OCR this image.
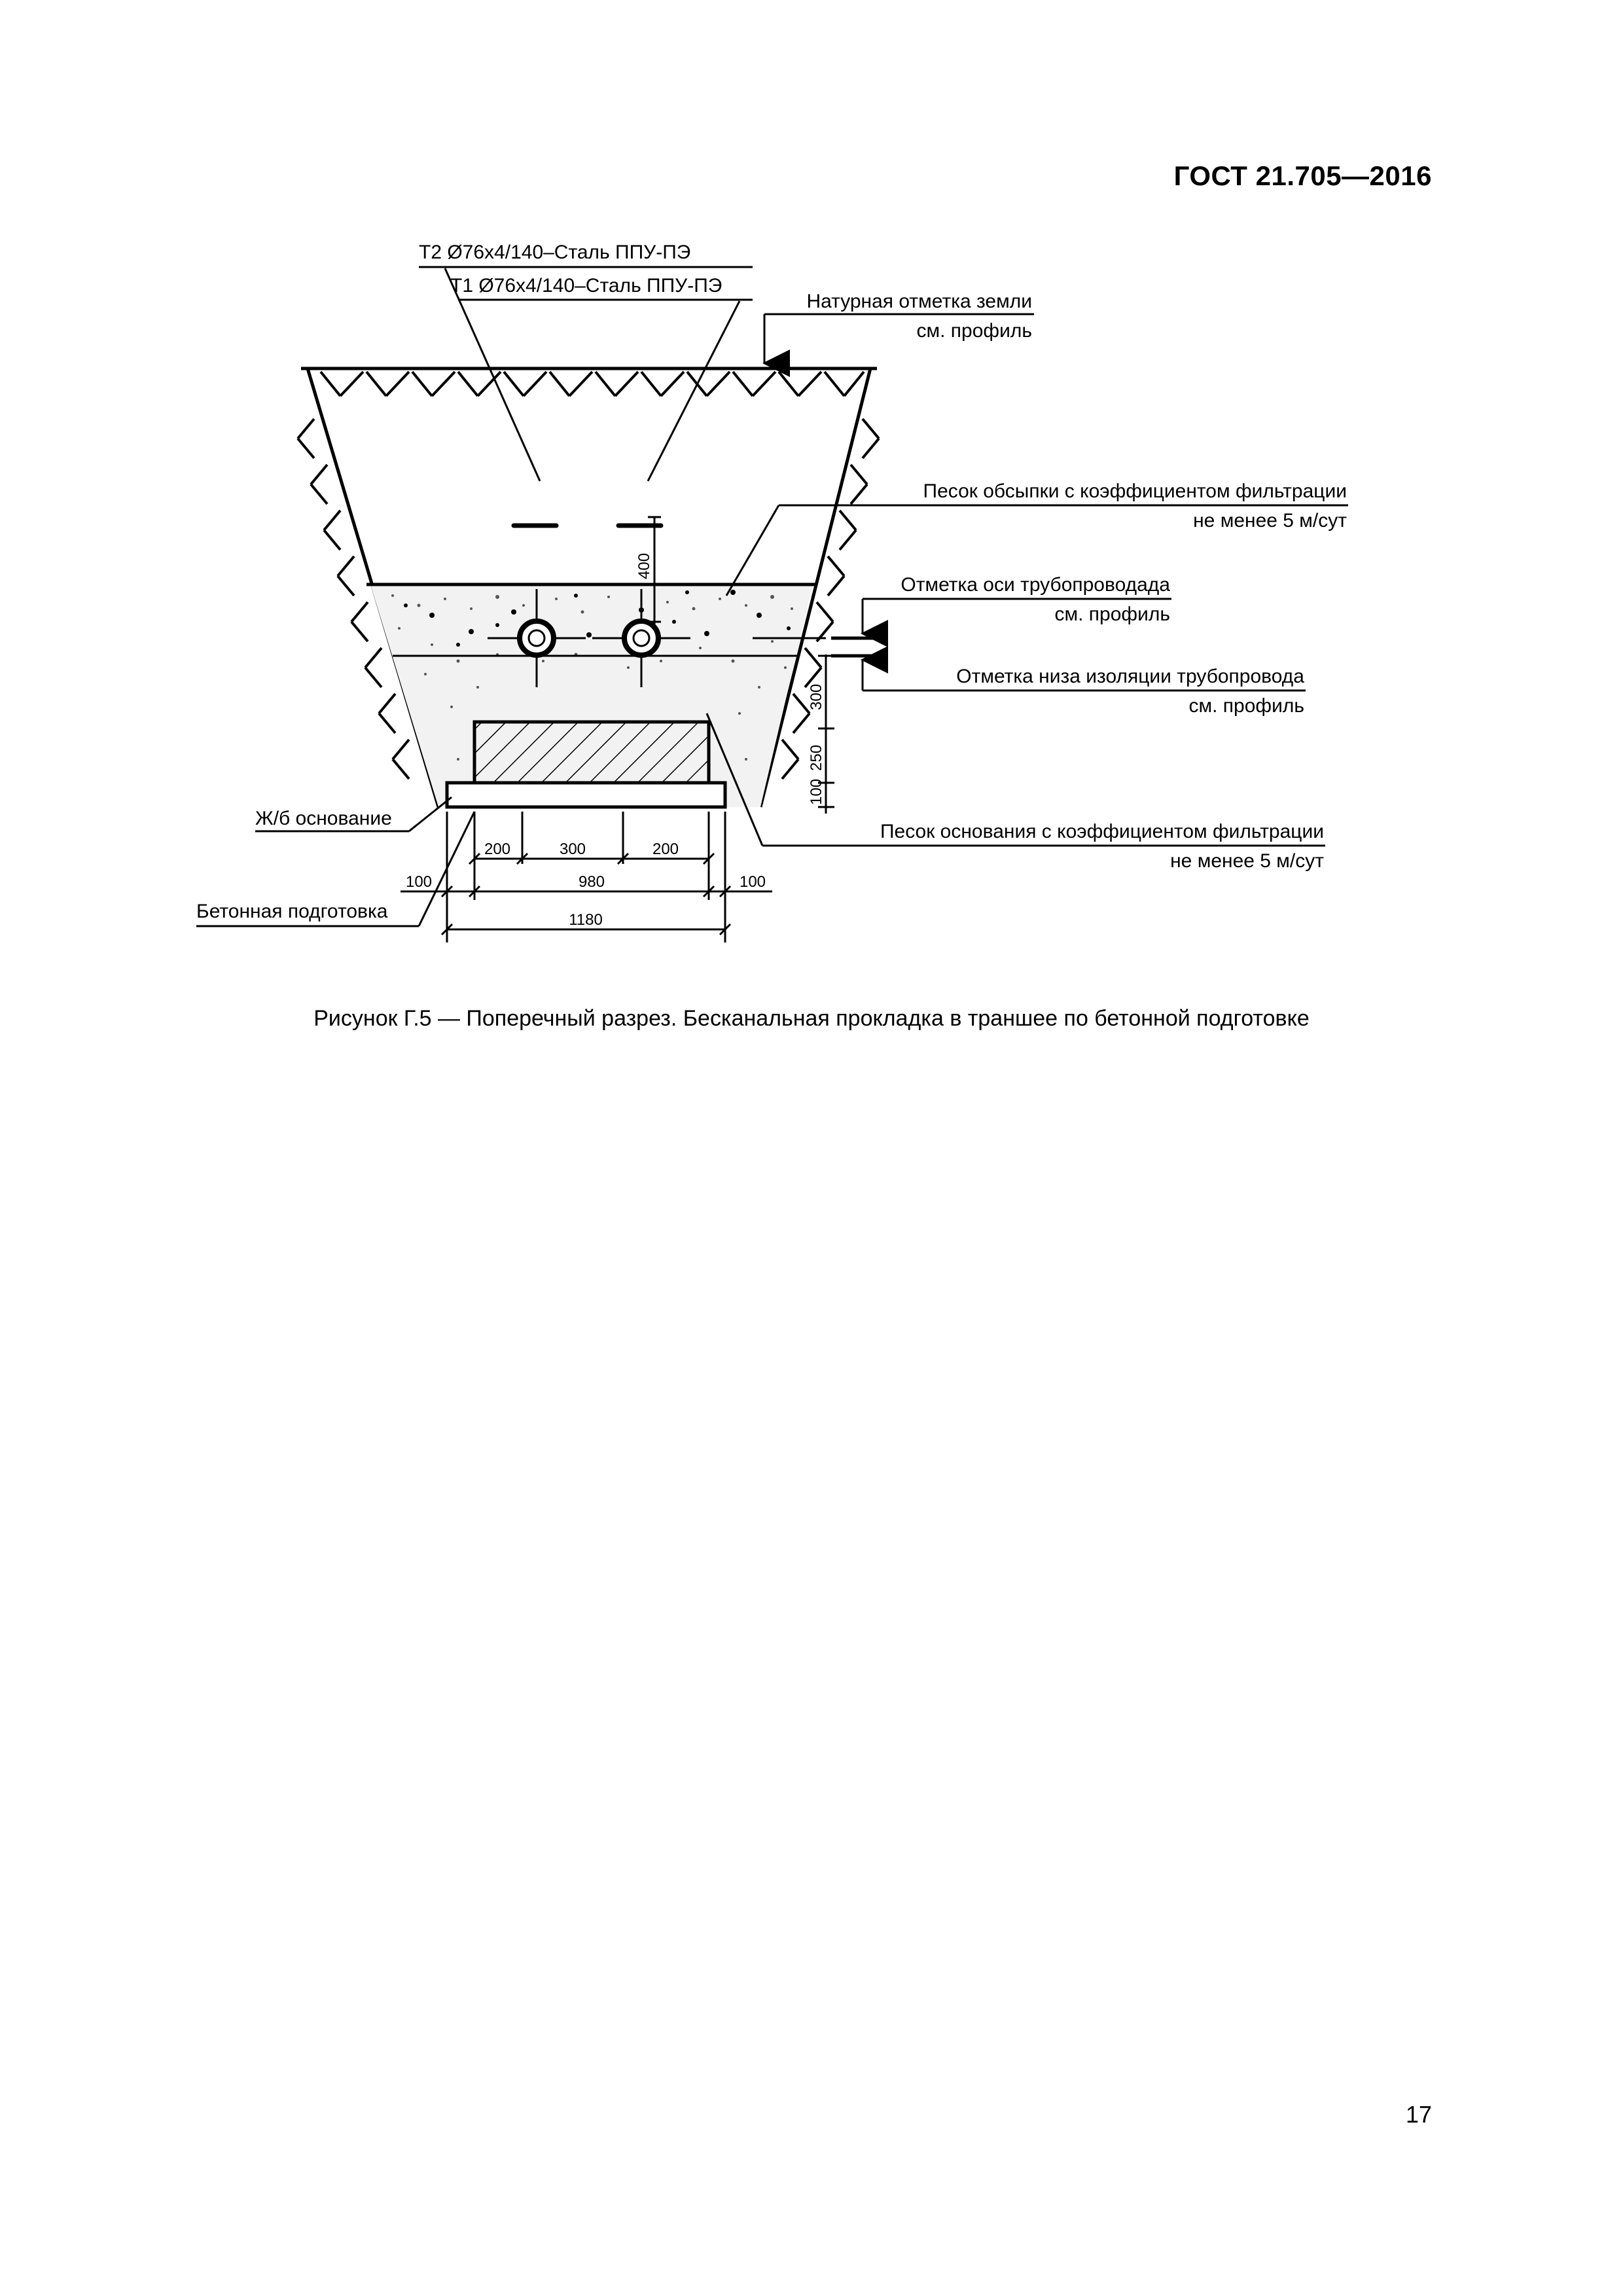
ГОСТ 21.705—2016
Т2 Ø76х4/140–Сталь ППУ-ПЭ
Т1 Ø76х4/140–Сталь ППУ-ПЭ
Натурная отметка земли
см. профиль
Песок обсыпки с коэффициентом фильтрации
не менее 5 м/сут
Отметка оси трубопроводада
см. профиль
Отметка низа изоляции трубопровода
см. профиль
Песок основания с коэффициентом фильтрации
не менее 5 м/сут
Ж/б основание
Бетонная подготовка
400
300
250
100
200	300	200
100	980	100
1180
Рисунок Г.5 — Поперечный разрез. Бесканальная прокладка в траншее по бетонной подготовке
17
